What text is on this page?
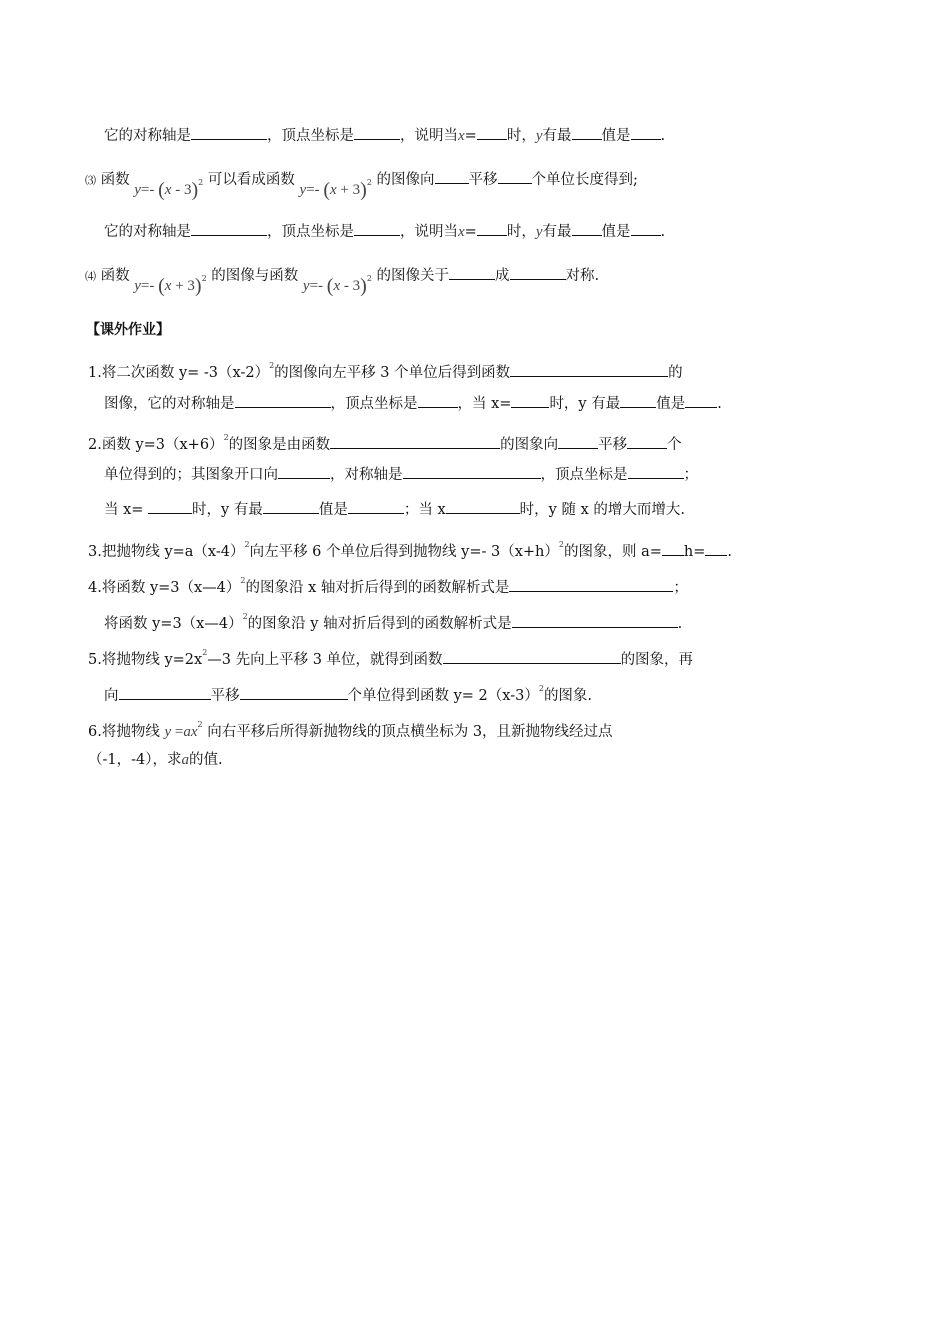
它的对称轴是	，顶点坐标是	，说明当x= 时，y有最 值是 .
⑶ 函数 y=- (x - 3)$^2$ 可以看成函数 y=- $(x + 3)^2$ 的图像向 平移 个单位长度得到;
它的对称轴是	，顶点坐标是	，说明当x= 时，y有最 值是 .
⑷ 函数 y=- $(x + 3)^2$ 的图像与函数 y=- (x - 3)$^2$ 的图像关于	成	对称.
【课外作业】
1.将二次函数 $y= -3(x-2)^2$的图像向左平移 3 个单位后得到函数	的
图像，它的对称轴是	，顶点坐标是	，当 x=	时，y 有最 值是 .
2.函数 $y=3(x+6)^2$的图象是由函数	的图象向	平移	个
单位得到的；其图象开口向	，对称轴是	，顶点坐标是	；
当 x=	时，y 有最	值是	；当 x	时，y 随 x 的增大而增大.
3.把抛物线 $y=a(x-4)^2$向左平移 6 个单位后得到抛物线 y=- $3(x+h)^2$的图象，则 a= h= .
4.将函数 y=3（x—4）$^2$的图象沿 x 轴对折后得到的函数解析式是	；
将函数 y=3（x—4）$^2$的图象沿 y 轴对折后得到的函数解析式是	.
5.将抛物线 $y=2x^2—3$ 先向上平移 3 单位，就得到函数	的图象，再
向	平移	个单位得到函数 $y= 2(x-3)^2$的图象.
6.将抛物线 $y =ax^2$ 向右平移后所得新抛物线的顶点横坐标为 3，且新抛物线经过点
（-1，-4），求a的值.
